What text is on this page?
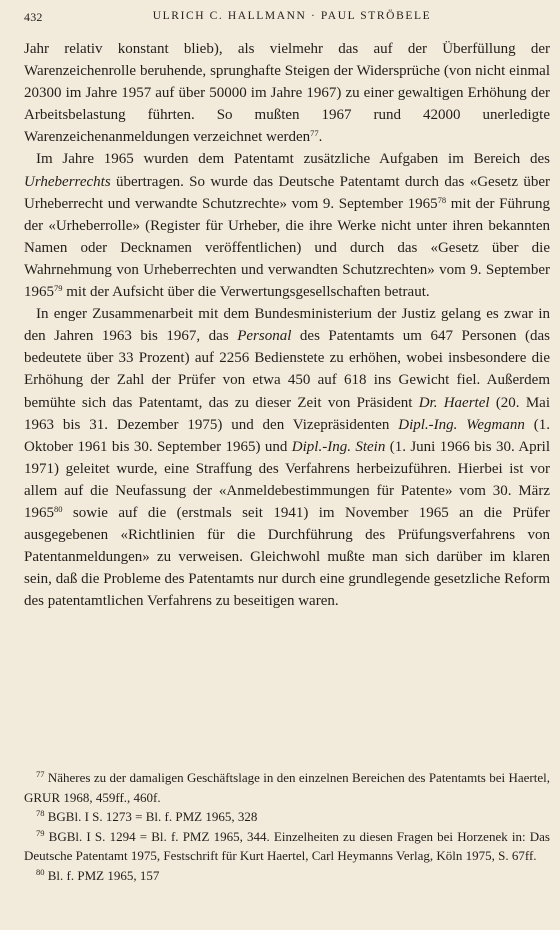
432	ULRICH C. HALLMANN · PAUL STRÖBELE

Jahr relativ konstant blieb), als vielmehr das auf der Überfüllung der Warenzeichenrolle beruhende, sprunghafte Steigen der Widersprüche (von nicht einmal 20300 im Jahre 1957 auf über 50000 im Jahre 1967) zu einer gewaltigen Erhöhung der Arbeitsbelastung führten. So mußten 1967 rund 42000 unerledigte Warenzeichenanmeldungen verzeichnet werden$^{77}$.

Im Jahre 1965 wurden dem Patentamt zusätzliche Aufgaben im Bereich des Urheberrechts übertragen. So wurde das Deutsche Patentamt durch das «Gesetz über Urheberrecht und verwandte Schutzrechte» vom 9. September 1965$^{78}$ mit der Führung der «Urheberrolle» (Register für Urheber, die ihre Werke nicht unter ihren bekannten Namen oder Decknamen veröffentlichen) und durch das «Gesetz über die Wahrnehmung von Urheberrechten und verwandten Schutzrechten» vom 9. September 1965$^{79}$ mit der Aufsicht über die Verwertungsgesellschaften betraut.

In enger Zusammenarbeit mit dem Bundesministerium der Justiz gelang es zwar in den Jahren 1963 bis 1967, das Personal des Patentamts um 647 Personen (das bedeutete über 33 Prozent) auf 2256 Bedienstete zu erhöhen, wobei insbesondere die Erhöhung der Zahl der Prüfer von etwa 450 auf 618 ins Gewicht fiel. Außerdem bemühte sich das Patentamt, das zu dieser Zeit von Präsident Dr. Haertel (20. Mai 1963 bis 31. Dezember 1975) und den Vizepräsidenten Dipl.-Ing. Wegmann (1. Oktober 1961 bis 30. September 1965) und Dipl.-Ing. Stein (1. Juni 1966 bis 30. April 1971) geleitet wurde, eine Straffung des Verfahrens herbeizuführen. Hierbei ist vor allem auf die Neufassung der «Anmeldebestimmungen für Patente» vom 30. März 1965$^{80}$ sowie auf die (erstmals seit 1941) im November 1965 an die Prüfer ausgegebenen «Richtlinien für die Durchführung des Prüfungsverfahrens von Patentanmeldungen» zu verweisen. Gleichwohl mußte man sich darüber im klaren sein, daß die Probleme des Patentamts nur durch eine grundlegende gesetzliche Reform des patentamtlichen Verfahrens zu beseitigen waren.

$^{77}$ Näheres zu der damaligen Geschäftslage in den einzelnen Bereichen des Patentamts bei Haertel, GRUR 1968, 459ff., 460f.

$^{78}$ BGBl. I S. 1273 = Bl. f. PMZ 1965, 328

$^{79}$ BGBl. I S. 1294 = Bl. f. PMZ 1965, 344. Einzelheiten zu diesen Fragen bei Horzenek in: Das Deutsche Patentamt 1975, Festschrift für Kurt Haertel, Carl Heymanns Verlag, Köln 1975, S. 67ff.

$^{80}$ Bl. f. PMZ 1965, 157
